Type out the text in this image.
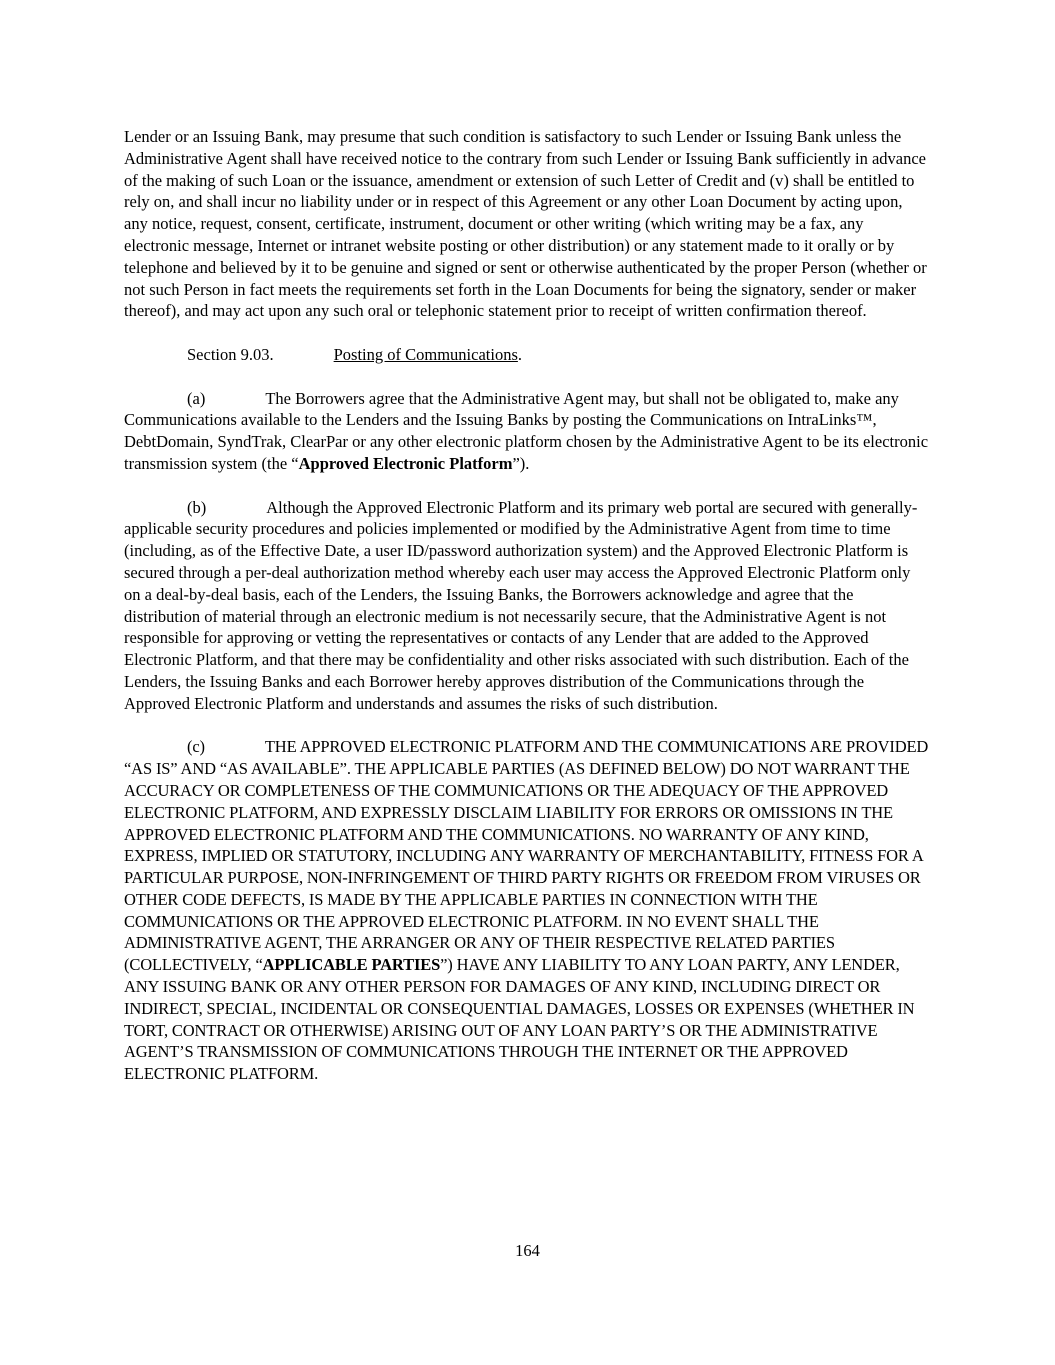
Lender or an Issuing Bank, may presume that such condition is satisfactory to such Lender or Issuing Bank unless the Administrative Agent shall have received notice to the contrary from such Lender or Issuing Bank sufficiently in advance of the making of such Loan or the issuance, amendment or extension of such Letter of Credit and (v) shall be entitled to rely on, and shall incur no liability under or in respect of this Agreement or any other Loan Document by acting upon, any notice, request, consent, certificate, instrument, document or other writing (which writing may be a fax, any electronic message, Internet or intranet website posting or other distribution) or any statement made to it orally or by telephone and believed by it to be genuine and signed or sent or otherwise authenticated by the proper Person (whether or not such Person in fact meets the requirements set forth in the Loan Documents for being the signatory, sender or maker thereof), and may act upon any such oral or telephonic statement prior to receipt of written confirmation thereof.

Section 9.03.	Posting of Communications.

(a)	The Borrowers agree that the Administrative Agent may, but shall not be obligated to, make any Communications available to the Lenders and the Issuing Banks by posting the Communications on IntraLinks™, DebtDomain, SyndTrak, ClearPar or any other electronic platform chosen by the Administrative Agent to be its electronic transmission system (the “Approved Electronic Platform”).

(b)	Although the Approved Electronic Platform and its primary web portal are secured with generally-applicable security procedures and policies implemented or modified by the Administrative Agent from time to time (including, as of the Effective Date, a user ID/password authorization system) and the Approved Electronic Platform is secured through a per-deal authorization method whereby each user may access the Approved Electronic Platform only on a deal-by-deal basis, each of the Lenders, the Issuing Banks, the Borrowers acknowledge and agree that the distribution of material through an electronic medium is not necessarily secure, that the Administrative Agent is not responsible for approving or vetting the representatives or contacts of any Lender that are added to the Approved Electronic Platform, and that there may be confidentiality and other risks associated with such distribution. Each of the Lenders, the Issuing Banks and each Borrower hereby approves distribution of the Communications through the Approved Electronic Platform and understands and assumes the risks of such distribution.

(c)	THE APPROVED ELECTRONIC PLATFORM AND THE COMMUNICATIONS ARE PROVIDED “AS IS” AND “AS AVAILABLE”. THE APPLICABLE PARTIES (AS DEFINED BELOW) DO NOT WARRANT THE ACCURACY OR COMPLETENESS OF THE COMMUNICATIONS OR THE ADEQUACY OF THE APPROVED ELECTRONIC PLATFORM, AND EXPRESSLY DISCLAIM LIABILITY FOR ERRORS OR OMISSIONS IN THE APPROVED ELECTRONIC PLATFORM AND THE COMMUNICATIONS. NO WARRANTY OF ANY KIND, EXPRESS, IMPLIED OR STATUTORY, INCLUDING ANY WARRANTY OF MERCHANTABILITY, FITNESS FOR A PARTICULAR PURPOSE, NON-INFRINGEMENT OF THIRD PARTY RIGHTS OR FREEDOM FROM VIRUSES OR OTHER CODE DEFECTS, IS MADE BY THE APPLICABLE PARTIES IN CONNECTION WITH THE COMMUNICATIONS OR THE APPROVED ELECTRONIC PLATFORM. IN NO EVENT SHALL THE ADMINISTRATIVE AGENT, THE ARRANGER OR ANY OF THEIR RESPECTIVE RELATED PARTIES (COLLECTIVELY, “APPLICABLE PARTIES”) HAVE ANY LIABILITY TO ANY LOAN PARTY, ANY LENDER, ANY ISSUING BANK OR ANY OTHER PERSON FOR DAMAGES OF ANY KIND, INCLUDING DIRECT OR INDIRECT, SPECIAL, INCIDENTAL OR CONSEQUENTIAL DAMAGES, LOSSES OR EXPENSES (WHETHER IN TORT, CONTRACT OR OTHERWISE) ARISING OUT OF ANY LOAN PARTY’S OR THE ADMINISTRATIVE AGENT’S TRANSMISSION OF COMMUNICATIONS THROUGH THE INTERNET OR THE APPROVED ELECTRONIC PLATFORM.

164
